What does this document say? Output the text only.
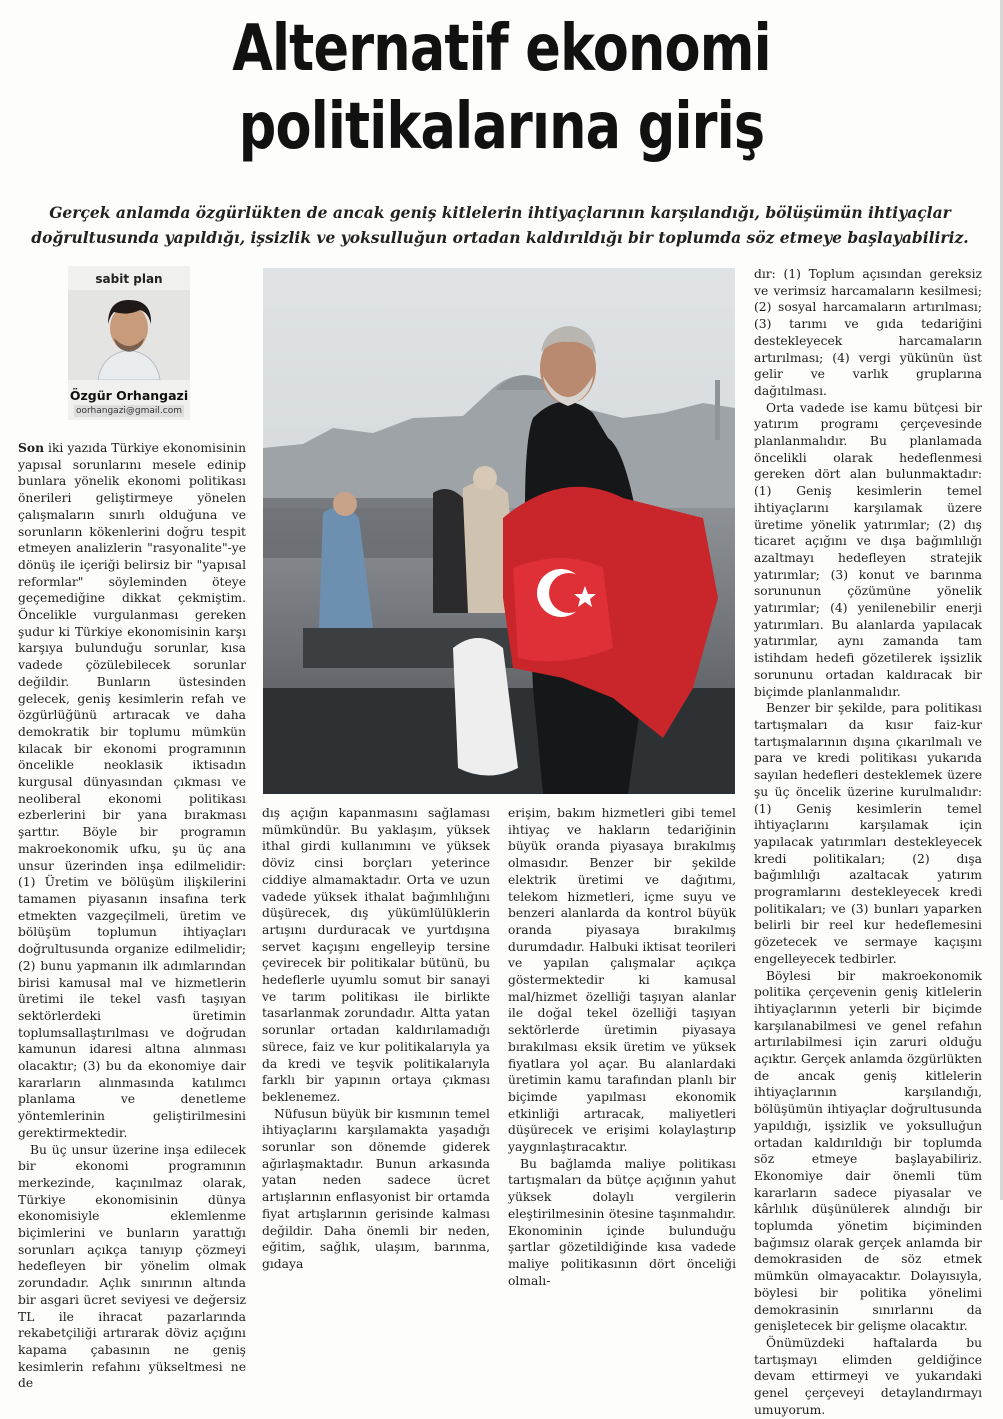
Alternatif ekonomi
politikalarına giriş
Gerçek anlamda özgürlükten de ancak geniş kitlelerin ihtiyaçlarının karşılandığı, bölüşümün ihtiyaçlar doğrultusunda yapıldığı, işsizlik ve yoksulluğun ortadan kaldırıldığı bir toplumda söz etmeye başlayabiliriz.
sabit plan
Özgür Orhangazi
oorhangazi@gmail.com

Son iki yazıda Türkiye ekonomisinin yapısal sorunlarını mesele edinip bunlara yönelik ekonomi politikası önerileri geliştirmeye yönelen çalışmaların sınırlı olduğuna ve sorunların kökenlerini doğru tespit etmeyen analizlerin "rasyonalite"-ye dönüş ile içeriği belirsiz bir "yapısal reformlar" söyleminden öteye geçemediğine dikkat çekmiştim. Öncelikle vurgulanması gereken şudur ki Türkiye ekonomisinin karşı karşıya bulunduğu sorunlar, kısa vadede çözülebilecek sorunlar değildir. Bunların üstesinden gelecek, geniş kesimlerin refah ve özgürlüğünü artıracak ve daha demokratik bir toplumu mümkün kılacak bir ekonomi programının öncelikle neoklasik iktisadın kurgusal dünyasından çıkması ve neoliberal ekonomi politikası ezberlerini bir yana bırakması şarttır. Böyle bir programın makroekonomik ufku, şu üç ana unsur üzerinden inşa edilmelidir: (1) Üretim ve bölüşüm ilişkilerini tamamen piyasanın insafına terk etmekten vazgeçilmeli, üretim ve bölüşüm toplumun ihtiyaçları doğrultusunda organize edilmelidir; (2) bunu yapmanın ilk adımlarından birisi kamusal mal ve hizmetlerin üretimi ile tekel vasfı taşıyan sektörlerdeki üretimin toplumsallaştırılması ve doğrudan kamunun idaresi altına alınması olacaktır; (3) bu da ekonomiye dair kararların alınmasında katılımcı planlama ve denetleme yöntemlerinin geliştirilmesini gerektirmektedir.

Bu üç unsur üzerine inşa edilecek bir ekonomi programının merkezinde, kaçınılmaz olarak, Türkiye ekonomisinin dünya ekonomisiyle eklemlenme biçimlerini ve bunların yarattığı sorunları açıkça tanıyıp çözmeyi hedefleyen bir yönelim olmak zorundadır. Açlık sınırının altında bir asgari ücret seviyesi ve değersiz TL ile ihracat pazarlarında rekabetçiliği artırarak döviz açığını kapama çabasının ne geniş kesimlerin refahını yükseltmesi ne de

dış açığın kapanmasını sağlaması mümkündür. Bu yaklaşım, yüksek ithal girdi kullanımını ve yüksek döviz cinsi borçları yeterince ciddiye almamaktadır. Orta ve uzun vadede yüksek ithalat bağımlılığını düşürecek, dış yükümlülüklerin artışını durduracak ve yurtdışına servet kaçışını engelleyip tersine çevirecek bir politikalar bütünü, bu hedeflerle uyumlu somut bir sanayi ve tarım politikası ile birlikte tasarlanmak zorundadır. Altta yatan sorunlar ortadan kaldırılamadığı sürece, faiz ve kur politikalarıyla ya da kredi ve teşvik politikalarıyla farklı bir yapının ortaya çıkması beklenemez.

Nüfusun büyük bir kısmının temel ihtiyaçlarını karşılamakta yaşadığı sorunlar son dönemde giderek ağırlaşmaktadır. Bunun arkasında yatan neden sadece ücret artışlarının enflasyonist bir ortamda fiyat artışlarının gerisinde kalması değildir. Daha önemli bir neden, eğitim, sağlık, ulaşım, barınma, gıdaya

erişim, bakım hizmetleri gibi temel ihtiyaç ve hakların tedariğinin büyük oranda piyasaya bırakılmış olmasıdır. Benzer bir şekilde elektrik üretimi ve dağıtımı, telekom hizmetleri, içme suyu ve benzeri alanlarda da kontrol büyük oranda piyasaya bırakılmış durumdadır. Halbuki iktisat teorileri ve yapılan çalışmalar açıkça göstermektedir ki kamusal mal/hizmet özelliği taşıyan alanlar ile doğal tekel özelliği taşıyan sektörlerde üretimin piyasaya bırakılması eksik üretim ve yüksek fiyatlara yol açar. Bu alanlardaki üretimin kamu tarafından planlı bir biçimde yapılması ekonomik etkinliği artıracak, maliyetleri düşürecek ve erişimi kolaylaştırıp yaygınlaştıracaktır.

Bu bağlamda maliye politikası tartışmaları da bütçe açığının yahut yüksek dolaylı vergilerin eleştirilmesinin ötesine taşınmalıdır. Ekonominin içinde bulunduğu şartlar gözetildiğinde kısa vadede maliye politikasının dört önceliği olmalı-

dır: (1) Toplum açısından gereksiz ve verimsiz harcamaların kesilmesi; (2) sosyal harcamaların artırılması; (3) tarımı ve gıda tedariğini destekleyecek harcamaların artırılması; (4) vergi yükünün üst gelir ve varlık gruplarına dağıtılması.

Orta vadede ise kamu bütçesi bir yatırım programı çerçevesinde planlanmalıdır. Bu planlamada öncelikli olarak hedeflenmesi gereken dört alan bulunmaktadır: (1) Geniş kesimlerin temel ihtiyaçlarını karşılamak üzere üretime yönelik yatırımlar; (2) dış ticaret açığını ve dışa bağımlılığı azaltmayı hedefleyen stratejik yatırımlar; (3) konut ve barınma sorununun çözümüne yönelik yatırımlar; (4) yenilenebilir enerji yatırımları. Bu alanlarda yapılacak yatırımlar, aynı zamanda tam istihdam hedefi gözetilerek işsizlik sorununu ortadan kaldıracak bir biçimde planlanmalıdır.

Benzer bir şekilde, para politikası tartışmaları da kısır faiz-kur tartışmalarının dışına çıkarılmalı ve para ve kredi politikası yukarıda sayılan hedefleri desteklemek üzere şu üç öncelik üzerine kurulmalıdır: (1) Geniş kesimlerin temel ihtiyaçlarını karşılamak için yapılacak yatırımları destekleyecek kredi politikaları; (2) dışa bağımlılığı azaltacak yatırım programlarını destekleyecek kredi politikaları; ve (3) bunları yaparken belirli bir reel kur hedeflemesini gözetecek ve sermaye kaçışını engelleyecek tedbirler.

Böylesi bir makroekonomik politika çerçevenin geniş kitlelerin ihtiyaçlarının yeterli bir biçimde karşılanabilmesi ve genel refahın artırılabilmesi için zaruri olduğu açıktır. Gerçek anlamda özgürlükten de ancak geniş kitlelerin ihtiyaçlarının karşılandığı, bölüşümün ihtiyaçlar doğrultusunda yapıldığı, işsizlik ve yoksulluğun ortadan kaldırıldığı bir toplumda söz etmeye başlayabiliriz. Ekonomiye dair önemli tüm kararların sadece piyasalar ve kârlılık düşünülerek alındığı bir toplumda yönetim biçiminden bağımsız olarak gerçek anlamda bir demokrasiden de söz etmek mümkün olmayacaktır. Dolayısıyla, böylesi bir politika yönelimi demokrasinin sınırlarını da genişletecek bir gelişme olacaktır.

Önümüzdeki haftalarda bu tartışmayı elimden geldiğince devam ettirmeyi ve yukarıdaki genel çerçeveyi detaylandırmayı umuyorum.
